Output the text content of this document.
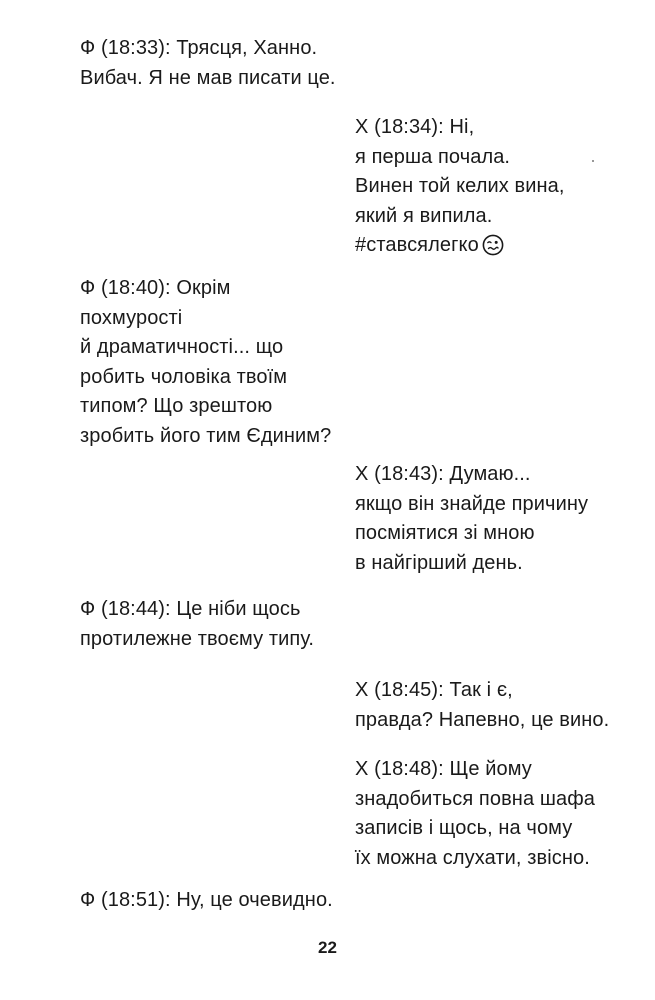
Ф (18:33): Трясця, Ханно.
Вибач. Я не мав писати це.
Х (18:34): Ні,
я перша почала.
Винен той келих вина,
який я випила.
#ставсялегко
Ф (18:40): Окрім
похмурості
й драматичності... що
робить чоловіка твоїм
типом? Що зрештою
зробить його тим Єдиним?
Х (18:43): Думаю...
якщо він знайде причину
посміятися зі мною
в найгірший день.
Ф (18:44): Це ніби щось
протилежне твоєму типу.
Х (18:45): Так і є,
правда? Напевно, це вино.
Х (18:48): Ще йому
знадобиться повна шафа
записів і щось, на чому
їх можна слухати, звісно.
Ф (18:51): Ну, це очевидно.
22
